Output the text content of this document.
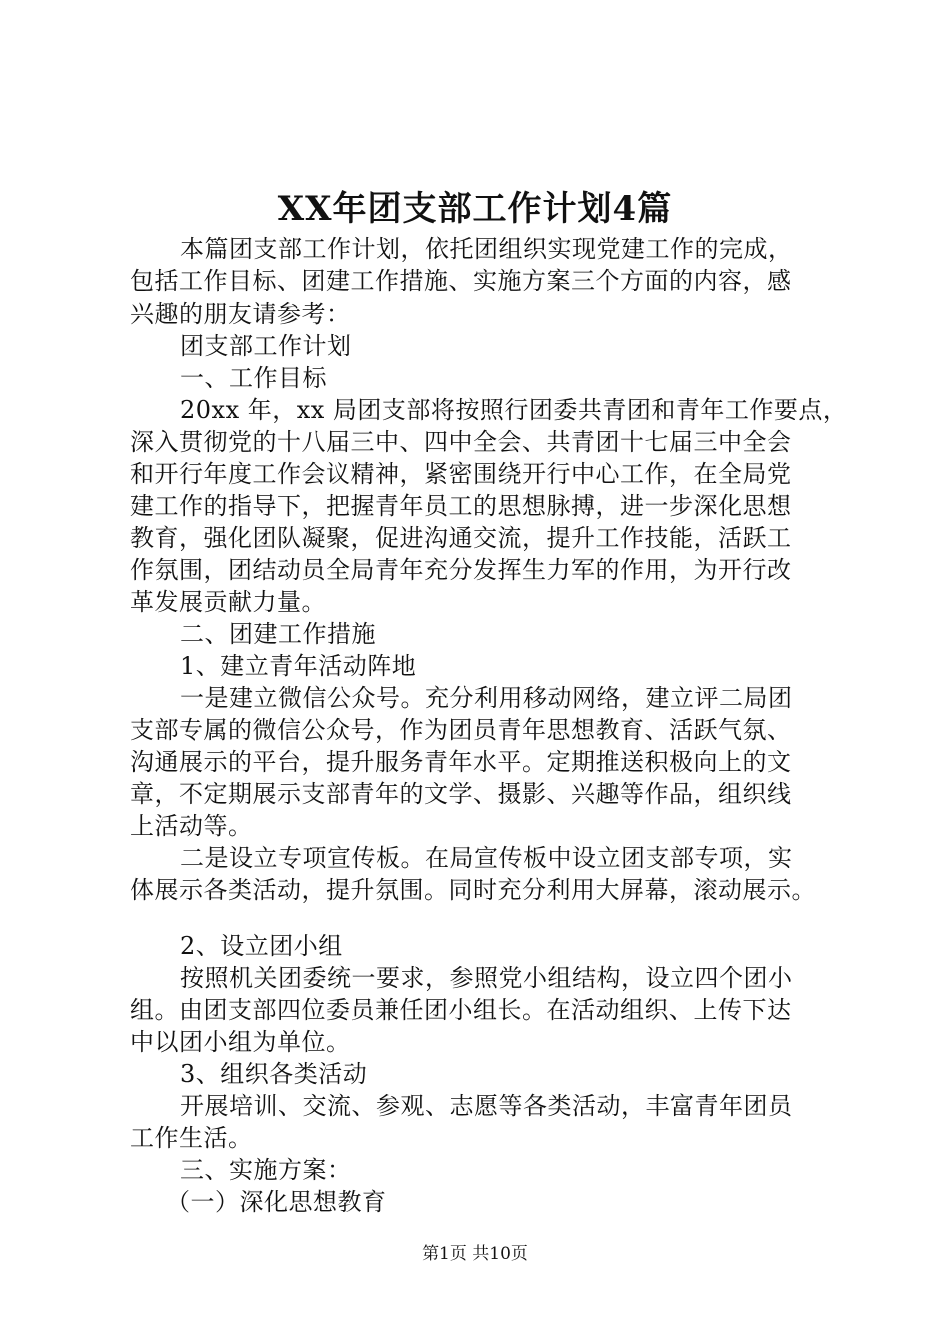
XX年团支部工作计划4篇
本篇团支部工作计划，依托团组织实现党建工作的完成，
包括工作目标、团建工作措施、实施方案三个方面的内容，感
兴趣的朋友请参考：
团支部工作计划
一、工作目标
20xx 年，xx 局团支部将按照行团委共青团和青年工作要点，
深入贯彻党的十八届三中、四中全会、共青团十七届三中全会
和开行年度工作会议精神，紧密围绕开行中心工作，在全局党
建工作的指导下，把握青年员工的思想脉搏，进一步深化思想
教育，强化团队凝聚，促进沟通交流，提升工作技能，活跃工
作氛围，团结动员全局青年充分发挥生力军的作用，为开行改
革发展贡献力量。
二、团建工作措施
1、建立青年活动阵地
一是建立微信公众号。充分利用移动网络，建立评二局团
支部专属的微信公众号，作为团员青年思想教育、活跃气氛、
沟通展示的平台，提升服务青年水平。定期推送积极向上的文
章，不定期展示支部青年的文学、摄影、兴趣等作品，组织线
上活动等。
二是设立专项宣传板。在局宣传板中设立团支部专项，实
体展示各类活动，提升氛围。同时充分利用大屏幕，滚动展示。
2、设立团小组
按照机关团委统一要求，参照党小组结构，设立四个团小
组。由团支部四位委员兼任团小组长。在活动组织、上传下达
中以团小组为单位。
3、组织各类活动
开展培训、交流、参观、志愿等各类活动，丰富青年团员
工作生活。
三、实施方案：
（一）深化思想教育
第1页 共10页
